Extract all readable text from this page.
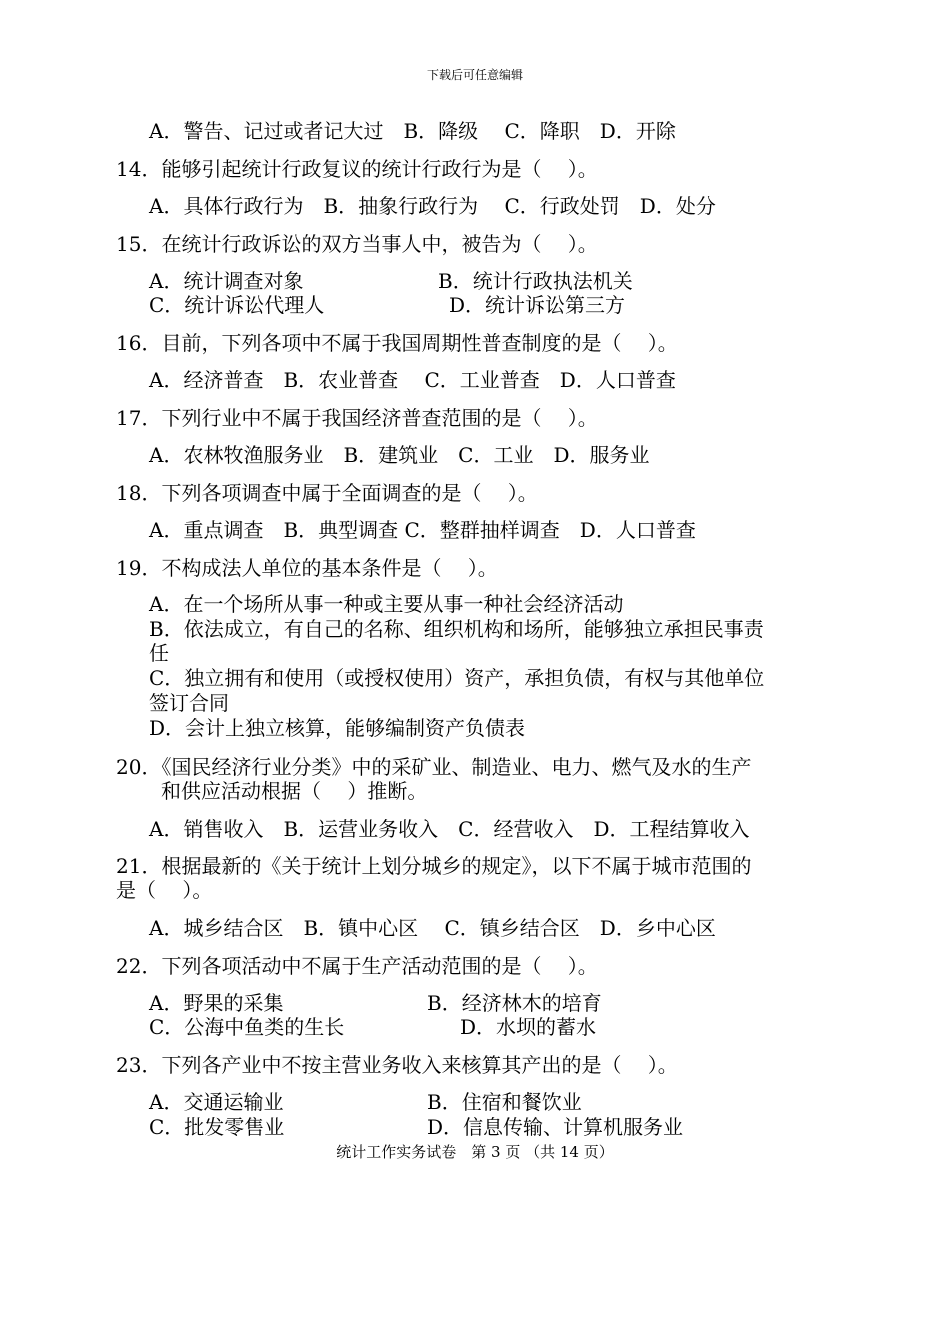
下载后可任意编辑
A．警告、记过或者记大过　B．降级　 C．降职　D．开除
14．能够引起统计行政复议的统计行政行为是（　 ）。
A．具体行政行为　B．抽象行政行为　 C．行政处罚　D．处分
15．在统计行政诉讼的双方当事人中，被告为（　 ）。
A．统计调查对象	B．统计行政执法机关
C．统计诉讼代理人	D．统计诉讼第三方
16．目前，下列各项中不属于我国周期性普查制度的是（　 ）。
A．经济普查　B．农业普查　 C．工业普查　D．人口普查
17．下列行业中不属于我国经济普查范围的是（　 ）。
A．农林牧渔服务业　B．建筑业　C．工业　D．服务业
18．下列各项调查中属于全面调查的是（　 ）。
A．重点调查　B．典型调查 C．整群抽样调查　D．人口普查
19．不构成法人单位的基本条件是（　 ）。
A．在一个场所从事一种或主要从事一种社会经济活动
B．依法成立，有自己的名称、组织机构和场所，能够独立承担民事责
任
C．独立拥有和使用（或授权使用）资产，承担负债，有权与其他单位
签订合同
D．会计上独立核算，能够编制资产负债表
20．《国民经济行业分类》中的采矿业、制造业、电力、燃气及水的生产
和供应活动根据（　 ）推断。
A．销售收入　B．运营业务收入　C．经营收入　D．工程结算收入
21．根据最新的《关于统计上划分城乡的规定》，以下不属于城市范围的
是（　 ）。
A．城乡结合区　B．镇中心区　 C．镇乡结合区　D．乡中心区
22．下列各项活动中不属于生产活动范围的是（　 ）。
A．野果的采集	B．经济林木的培育
C．公海中鱼类的生长	D．水坝的蓄水
23．下列各产业中不按主营业务收入来核算其产出的是（　 ）。
A．交通运输业	B．住宿和餐饮业
C．批发零售业	D．信息传输、计算机服务业
统计工作实务试卷　第 3 页 （共 14 页）
